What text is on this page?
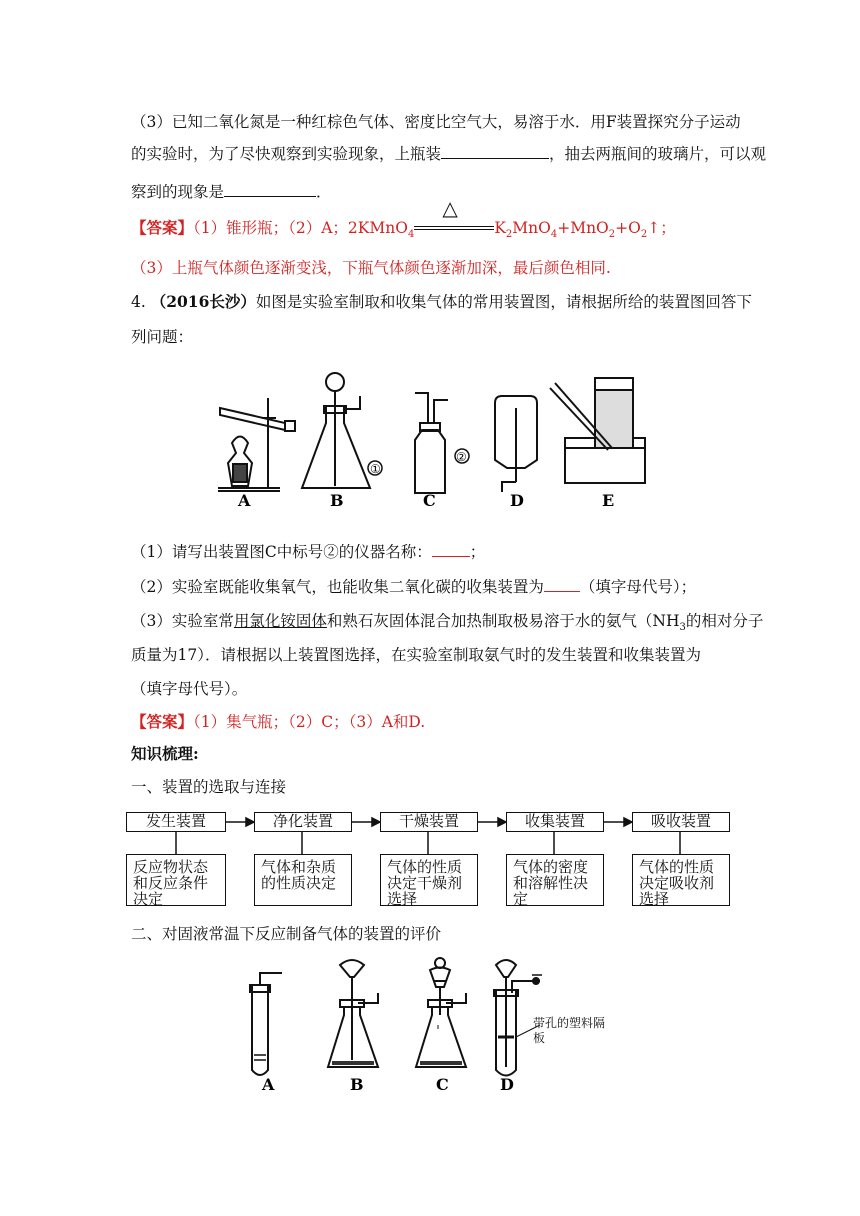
（3）已知二氧化氮是一种红棕色气体、密度比空气大，易溶于水．用F装置探究分子运动
的实验时，为了尽快观察到实验现象，上瓶装	，抽去两瓶间的玻璃片，可以观
察到的现象是	．
【答案】（1）锥形瓶；（2）A；2KMnO$_4$
△
$K_2MnO_4+MnO_2+O_2↑$；
（3）上瓶气体颜色逐渐变浅，下瓶气体颜色逐渐加深，最后颜色相同.
4. （2016长沙）如图是实验室制取和收集气体的常用装置图，请根据所给的装置图回答下
列问题：
A	B	C	D	E
①
②
（1）请写出装置图C中标号②的仪器名称： ；
（2）实验室既能收集氧气，也能收集二氧化碳的收集装置为 （填字母代号）；
（3）实验室常用氯化铵固体和熟石灰固体混合加热制取极易溶于水的氨气（$NH_3$的相对分子
质量为17）．请根据以上装置图选择，在实验室制取氨气时的发生装置和收集装置为
（填字母代号）。
【答案】（1）集气瓶；（2）C；（3）A和D.
知识梳理:
一、装置的选取与连接
发生装置	净化装置	干燥装置	收集装置	吸收装置
反应物状态和反应条件决定
气体和杂质的性质决定
气体的性质决定干燥剂选择
气体的密度和溶解性决定
气体的性质决定吸收剂选择
二、对固液常温下反应制备气体的装置的评价
A	B	C	D
带孔的塑料隔板
